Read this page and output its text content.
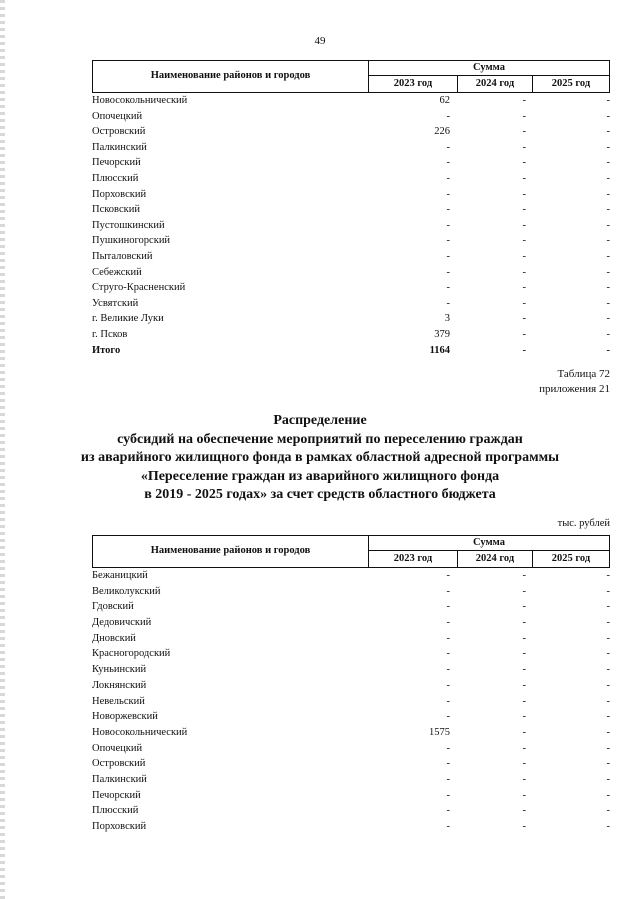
49
Наименование районов и городов
Сумма
2023 год	2024 год	2025 год
Новосокольнический	62	-	-
Опочецкий	-	-	-
Островский	226	-	-
Палкинский	-	-	-
Печорский	-	-	-
Плюсский	-	-	-
Порховский	-	-	-
Псковский	-	-	-
Пустошкинский	-	-	-
Пушкиногорский	-	-	-
Пыталовский	-	-	-
Себежский	-	-	-
Струго-Красненский	-	-	-
Усвятский	-	-	-
г. Великие Луки	3	-	-
г. Псков	379	-	-
Итого	1164	-	-
Таблица 72
приложения 21
Распределение
субсидий на обеспечение мероприятий по переселению граждан
из аварийного жилищного фонда в рамках областной адресной программы
«Переселение граждан из аварийного жилищного фонда
в 2019 - 2025 годах» за счет средств областного бюджета
тыс. рублей
Наименование районов и городов
Сумма
2023 год	2024 год	2025 год
Бежаницкий	-	-	-
Великолукский	-	-	-
Гдовский	-	-	-
Дедовичский	-	-	-
Дновский	-	-	-
Красногородский	-	-	-
Куньинский	-	-	-
Локнянский	-	-	-
Невельский	-	-	-
Новоржевский	-	-	-
Новосокольнический	1575	-	-
Опочецкий	-	-	-
Островский	-	-	-
Палкинский	-	-	-
Печорский	-	-	-
Плюсский	-	-	-
Порховский	-	-	-
